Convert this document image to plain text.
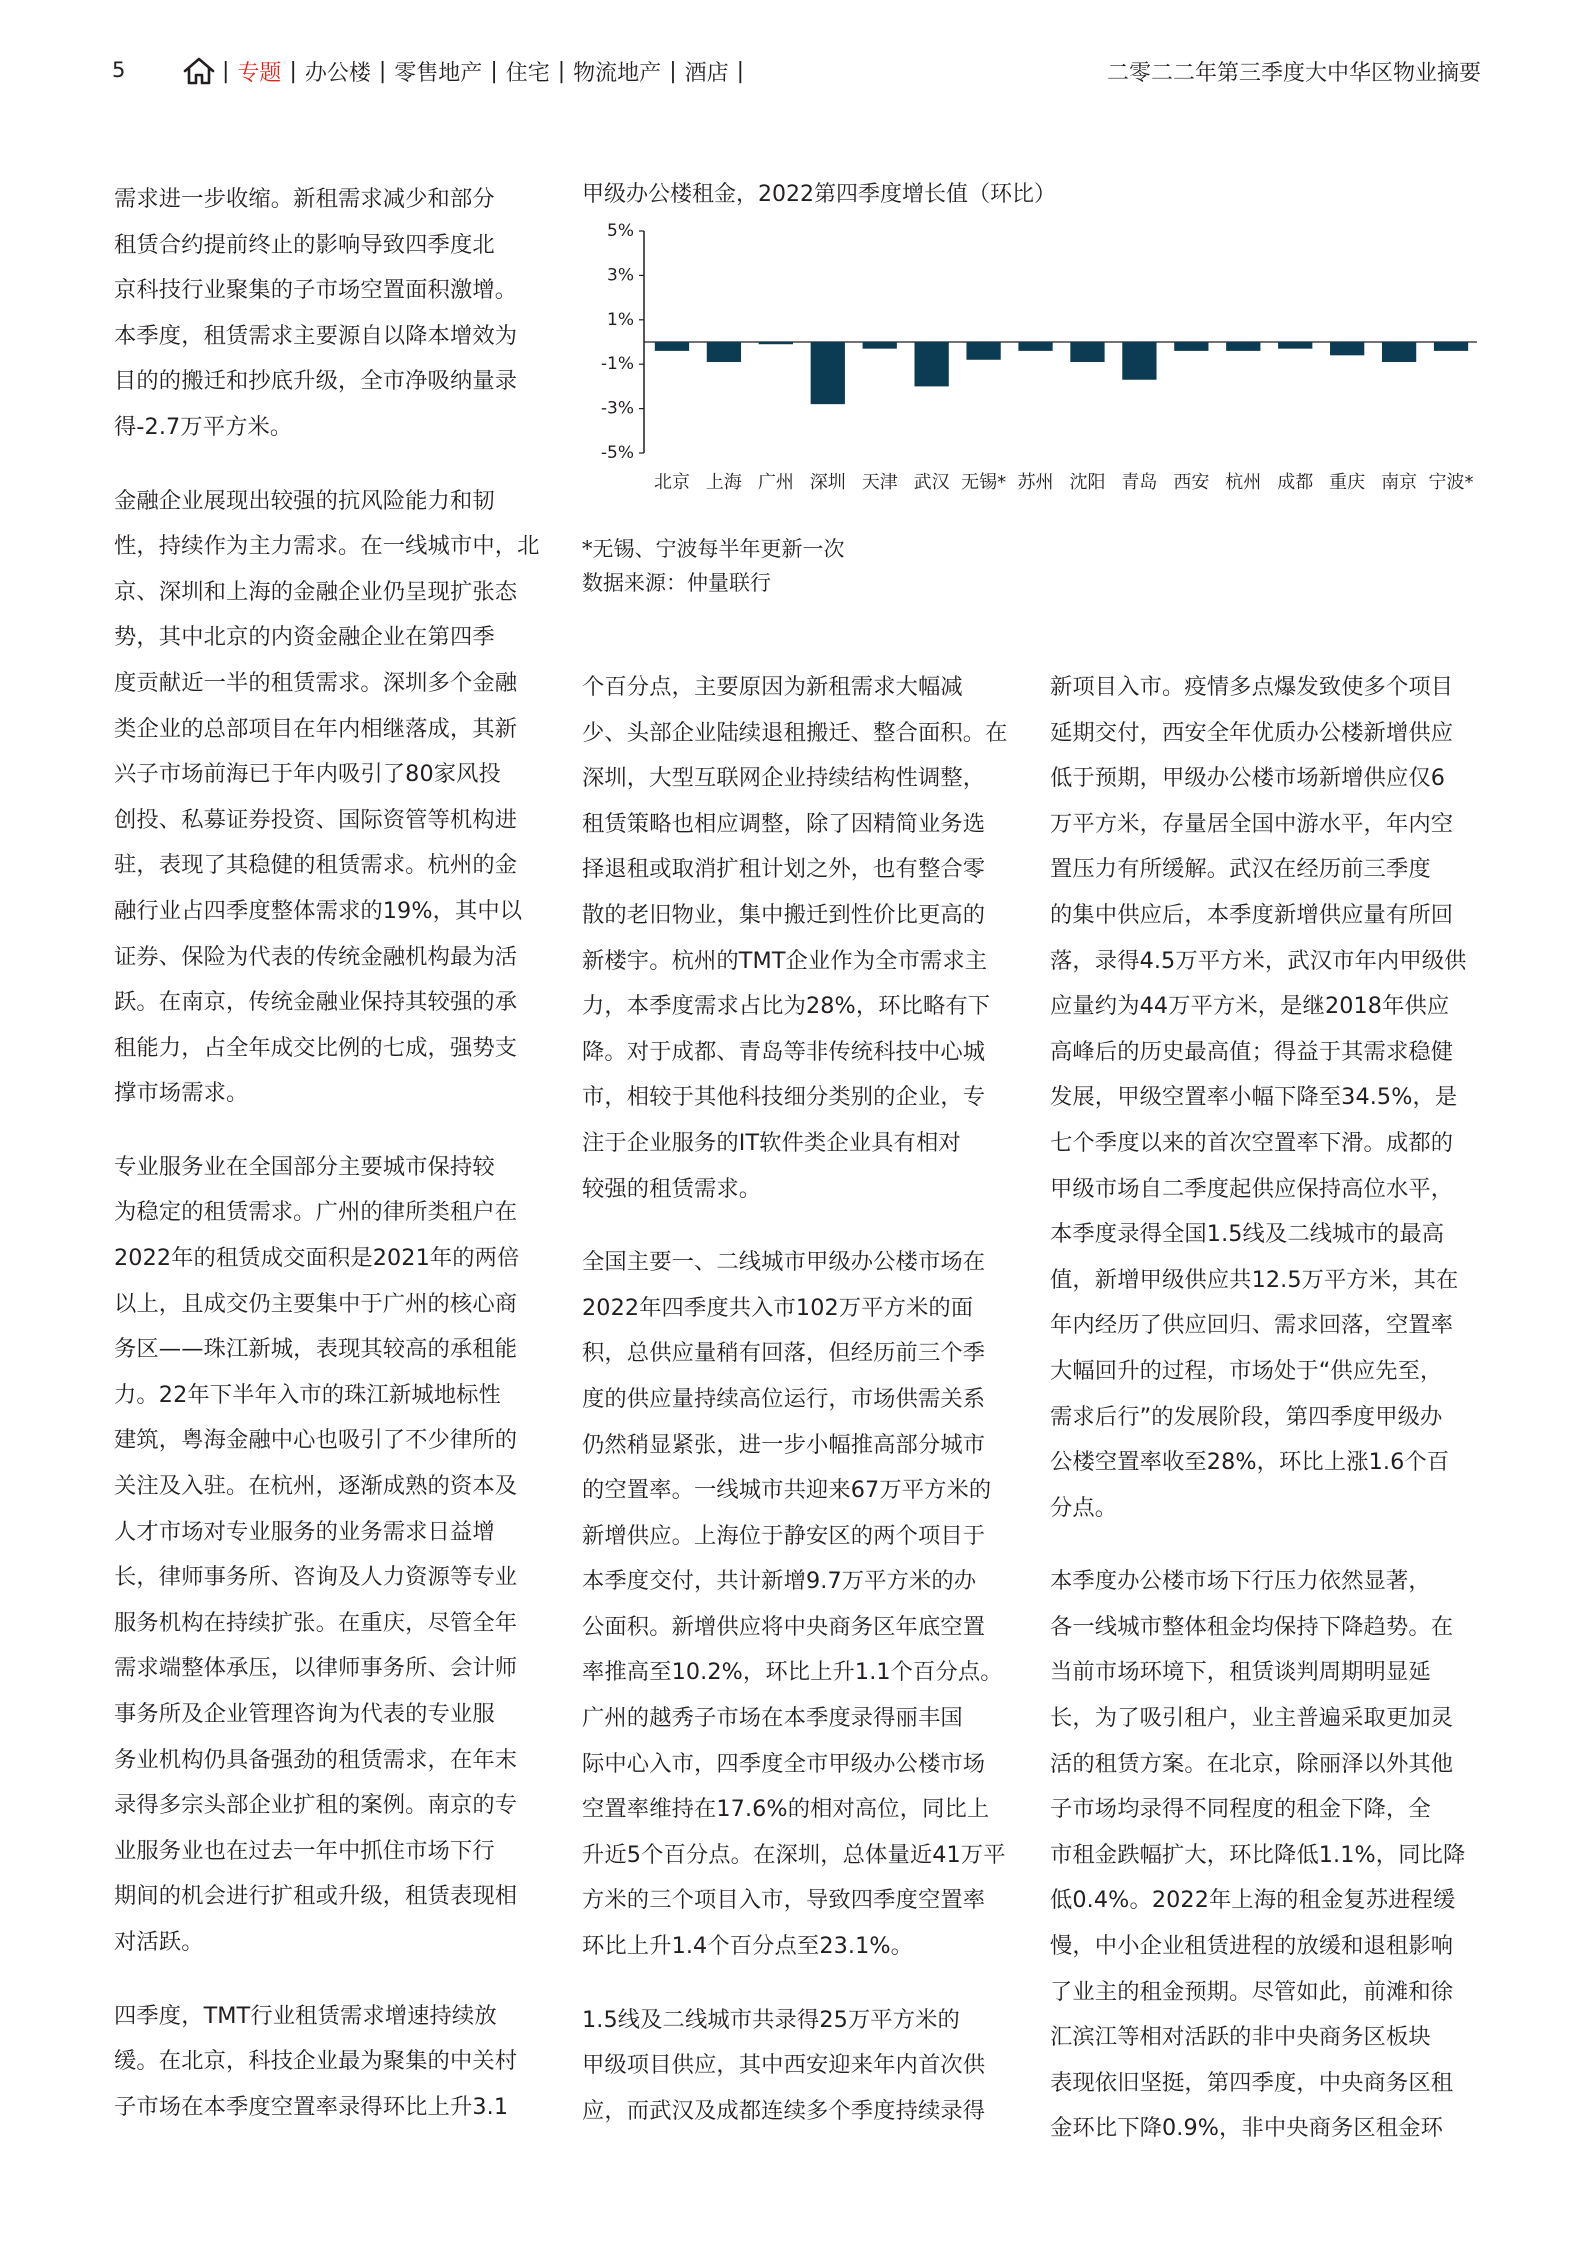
5	| 专题 | 办公楼 | 零售地产 | 住宅 | 物流地产 | 酒店 |	二零二二年第三季度大中华区物业摘要

需求进一步收缩。新租需求减少和部分

租赁合约提前终止的影响导致四季度北

京科技行业聚集的子市场空置面积激增。

本季度，租赁需求主要源自以降本增效为

目的的搬迁和抄底升级，全市净吸纳量录

得-2.7万平方米。

金融企业展现出较强的抗风险能力和韧

性，持续作为主力需求。在一线城市中，北

京、深圳和上海的金融企业仍呈现扩张态

势，其中北京的内资金融企业在第四季

度贡献近一半的租赁需求。深圳多个金融

类企业的总部项目在年内相继落成，其新

兴子市场前海已于年内吸引了80家风投

创投、私募证券投资、国际资管等机构进

驻，表现了其稳健的租赁需求。杭州的金

融行业占四季度整体需求的19%，其中以

证券、保险为代表的传统金融机构最为活

跃。在南京，传统金融业保持其较强的承

租能力，占全年成交比例的七成，强势支

撑市场需求。

专业服务业在全国部分主要城市保持较

为稳定的租赁需求。广州的律所类租户在

2022年的租赁成交面积是2021年的两倍

以上，且成交仍主要集中于广州的核心商

务区——珠江新城，表现其较高的承租能

力。22年下半年入市的珠江新城地标性

建筑，粤海金融中心也吸引了不少律所的

关注及入驻。在杭州，逐渐成熟的资本及

人才市场对专业服务的业务需求日益增

长，律师事务所、咨询及人力资源等专业

服务机构在持续扩张。在重庆，尽管全年

需求端整体承压，以律师事务所、会计师

事务所及企业管理咨询为代表的专业服

务业机构仍具备强劲的租赁需求，在年末

录得多宗头部企业扩租的案例。南京的专

业服务业也在过去一年中抓住市场下行

期间的机会进行扩租或升级，租赁表现相

对活跃。

四季度，TMT行业租赁需求增速持续放

缓。在北京，科技企业最为聚集的中关村

子市场在本季度空置率录得环比上升3.1

甲级办公楼租金，2022第四季度增长值（环比）
5%
3%
1%
-1%
-3%
-5%
北京 上海 广州 深圳 天津 武汉 无锡* 苏州 沈阳 青岛 西安 杭州 成都 重庆 南京 宁波*
*无锡、宁波每半年更新一次
数据来源：仲量联行

个百分点，主要原因为新租需求大幅减

少、头部企业陆续退租搬迁、整合面积。在

深圳，大型互联网企业持续结构性调整，

租赁策略也相应调整，除了因精简业务选

择退租或取消扩租计划之外，也有整合零

散的老旧物业，集中搬迁到性价比更高的

新楼宇。杭州的TMT企业作为全市需求主

力，本季度需求占比为28%，环比略有下

降。对于成都、青岛等非传统科技中心城

市，相较于其他科技细分类别的企业，专

注于企业服务的IT软件类企业具有相对

较强的租赁需求。

全国主要一、二线城市甲级办公楼市场在

2022年四季度共入市102万平方米的面

积，总供应量稍有回落，但经历前三个季

度的供应量持续高位运行，市场供需关系

仍然稍显紧张，进一步小幅推高部分城市

的空置率。一线城市共迎来67万平方米的

新增供应。上海位于静安区的两个项目于

本季度交付，共计新增9.7万平方米的办

公面积。新增供应将中央商务区年底空置

率推高至10.2%，环比上升1.1个百分点。

广州的越秀子市场在本季度录得丽丰国

际中心入市，四季度全市甲级办公楼市场

空置率维持在17.6%的相对高位，同比上

升近5个百分点。在深圳，总体量近41万平

方米的三个项目入市，导致四季度空置率

环比上升1.4个百分点至23.1%。

1.5线及二线城市共录得25万平方米的

甲级项目供应，其中西安迎来年内首次供

应，而武汉及成都连续多个季度持续录得

新项目入市。疫情多点爆发致使多个项目

延期交付，西安全年优质办公楼新增供应

低于预期，甲级办公楼市场新增供应仅6

万平方米，存量居全国中游水平，年内空

置压力有所缓解。武汉在经历前三季度

的集中供应后，本季度新增供应量有所回

落，录得4.5万平方米，武汉市年内甲级供

应量约为44万平方米，是继2018年供应

高峰后的历史最高值；得益于其需求稳健

发展，甲级空置率小幅下降至34.5%，是

七个季度以来的首次空置率下滑。成都的

甲级市场自二季度起供应保持高位水平，

本季度录得全国1.5线及二线城市的最高

值，新增甲级供应共12.5万平方米，其在

年内经历了供应回归、需求回落，空置率

大幅回升的过程，市场处于“供应先至，

需求后行”的发展阶段，第四季度甲级办

公楼空置率收至28%，环比上涨1.6个百

分点。

本季度办公楼市场下行压力依然显著，

各一线城市整体租金均保持下降趋势。在

当前市场环境下，租赁谈判周期明显延

长，为了吸引租户，业主普遍采取更加灵

活的租赁方案。在北京，除丽泽以外其他

子市场均录得不同程度的租金下降，全

市租金跌幅扩大，环比降低1.1%，同比降

低0.4%。2022年上海的租金复苏进程缓

慢，中小企业租赁进程的放缓和退租影响

了业主的租金预期。尽管如此，前滩和徐

汇滨江等相对活跃的非中央商务区板块

表现依旧坚挺，第四季度，中央商务区租

金环比下降0.9%，非中央商务区租金环
